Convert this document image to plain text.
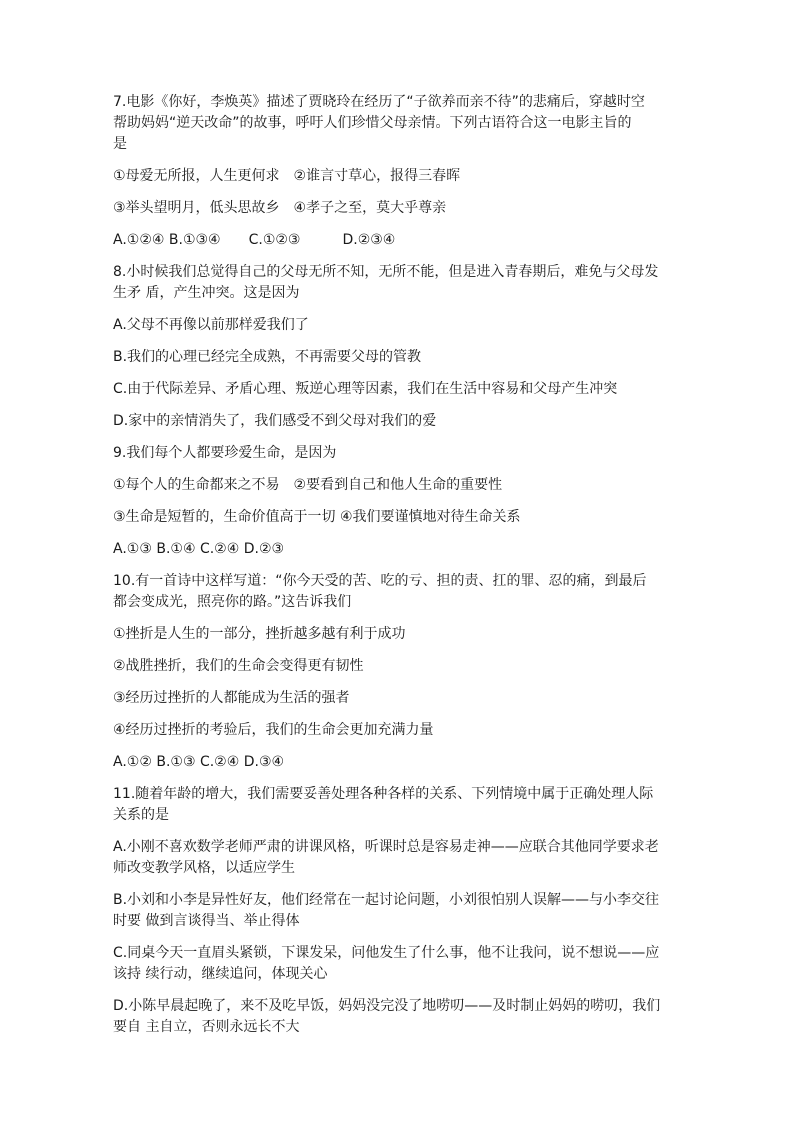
7.电影《你好，李焕英》描述了贾晓玲在经历了“子欲养而亲不待”的悲痛后，穿越时空

帮助妈妈“逆天改命”的故事，呼吁人们珍惜父母亲情。下列古语符合这一电影主旨的

是

①母爱无所报，人生更何求　②谁言寸草心，报得三春晖

③举头望明月，低头思故乡　④孝子之至，莫大乎尊亲

A.①②④ B.①③④　　C.①②③　　　D.②③④

8.小时候我们总觉得自己的父母无所不知，无所不能，但是进入青春期后，难免与父母发

生矛 盾，产生冲突。这是因为

A.父母不再像以前那样爱我们了

B.我们的心理已经完全成熟，不再需要父母的管教

C.由于代际差异、矛盾心理、叛逆心理等因素，我们在生活中容易和父母产生冲突

D.家中的亲情消失了，我们感受不到父母对我们的爱

9.我们每个人都要珍爱生命，是因为

①每个人的生命都来之不易　②要看到自己和他人生命的重要性

③生命是短暂的，生命价值高于一切 ④我们要谨慎地对待生命关系

A.①③ B.①④ C.②④ D.②③

10.有一首诗中这样写道：“你今天受的苦、吃的亏、担的责、扛的罪、忍的痛，到最后

都会变成光，照亮你的路。”这告诉我们

①挫折是人生的一部分，挫折越多越有利于成功

②战胜挫折，我们的生命会变得更有韧性

③经历过挫折的人都能成为生活的强者

④经历过挫折的考验后，我们的生命会更加充满力量

A.①② B.①③ C.②④ D.③④

11.随着年龄的增大，我们需要妥善处理各种各样的关系、下列情境中属于正确处理人际

关系的是

A.小刚不喜欢数学老师严肃的讲课风格，听课时总是容易走神——应联合其他同学要求老

师改变教学风格，以适应学生

B.小刘和小李是异性好友，他们经常在一起讨论问题，小刘很怕别人误解——与小李交往

时要 做到言谈得当、举止得体

C.同桌今天一直眉头紧锁，下课发呆，问他发生了什么事，他不让我问，说不想说——应

该持 续行动，继续追问，体现关心

D.小陈早晨起晚了，来不及吃早饭，妈妈没完没了地唠叨——及时制止妈妈的唠叨，我们

要自 主自立，否则永远长不大
